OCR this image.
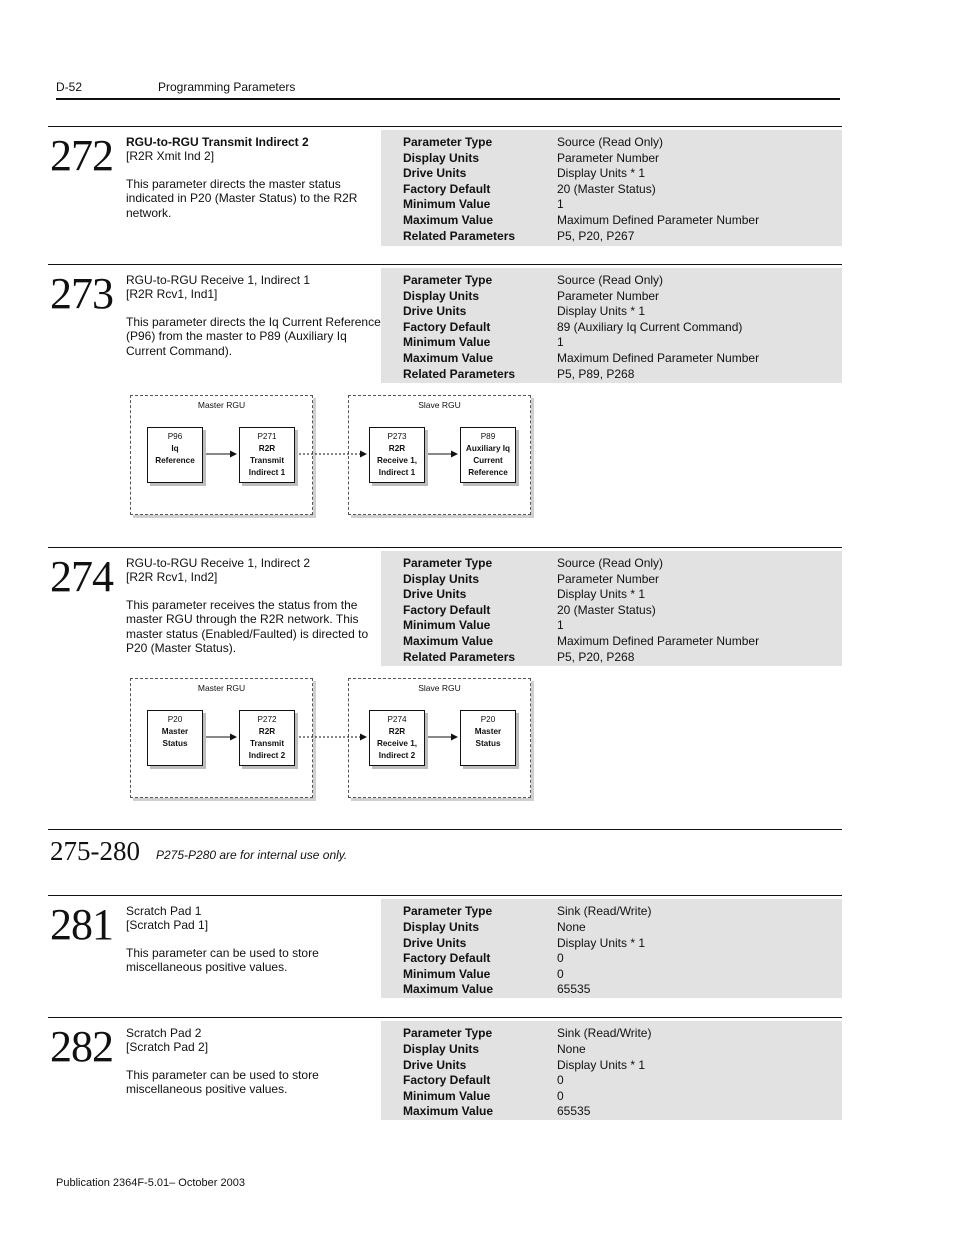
D-52	Programming Parameters
272 RGU-to-RGU Transmit Indirect 2
[R2R Xmit Ind 2]
This parameter directs the master status indicated in P20 (Master Status) to the R2R network.
Parameter Type	Source (Read Only)
Display Units	Parameter Number
Drive Units	Display Units * 1
Factory Default	20 (Master Status)
Minimum Value	1
Maximum Value	Maximum Defined Parameter Number
Related Parameters	P5, P20, P267
273 RGU-to-RGU Receive 1, Indirect 1
[R2R Rcv1, Ind1]
This parameter directs the Iq Current Reference (P96) from the master to P89 (Auxiliary Iq Current Command).
Parameter Type	Source (Read Only)
Display Units	Parameter Number
Drive Units	Display Units * 1
Factory Default	89 (Auxiliary Iq Current Command)
Minimum Value	1
Maximum Value	Maximum Defined Parameter Number
Related Parameters	P5, P89, P268
Master RGU	Slave RGU
P96
Iq
Reference
P271
R2R
Transmit
Indirect 1
P273
R2R
Receive 1,
Indirect 1
P89
Auxiliary Iq
Current
Reference
274 RGU-to-RGU Receive 1, Indirect 2
[R2R Rcv1, Ind2]
This parameter receives the status from the master RGU through the R2R network. This master status (Enabled/Faulted) is directed to P20 (Master Status).
Parameter Type	Source (Read Only)
Display Units	Parameter Number
Drive Units	Display Units * 1
Factory Default	20 (Master Status)
Minimum Value	1
Maximum Value	Maximum Defined Parameter Number
Related Parameters	P5, P20, P268
Master RGU	Slave RGU
P20
Master
Status
P272
R2R
Transmit
Indirect 2
P274
R2R
Receive 1,
Indirect 2
P20
Master
Status
275-280 P275-P280 are for internal use only.
281 Scratch Pad 1
[Scratch Pad 1]
This parameter can be used to store miscellaneous positive values.
Parameter Type	Sink (Read/Write)
Display Units	None
Drive Units	Display Units * 1
Factory Default	0
Minimum Value	0
Maximum Value	65535
282 Scratch Pad 2
[Scratch Pad 2]
This parameter can be used to store miscellaneous positive values.
Parameter Type	Sink (Read/Write)
Display Units	None
Drive Units	Display Units * 1
Factory Default	0
Minimum Value	0
Maximum Value	65535
Publication 2364F-5.01– October 2003
